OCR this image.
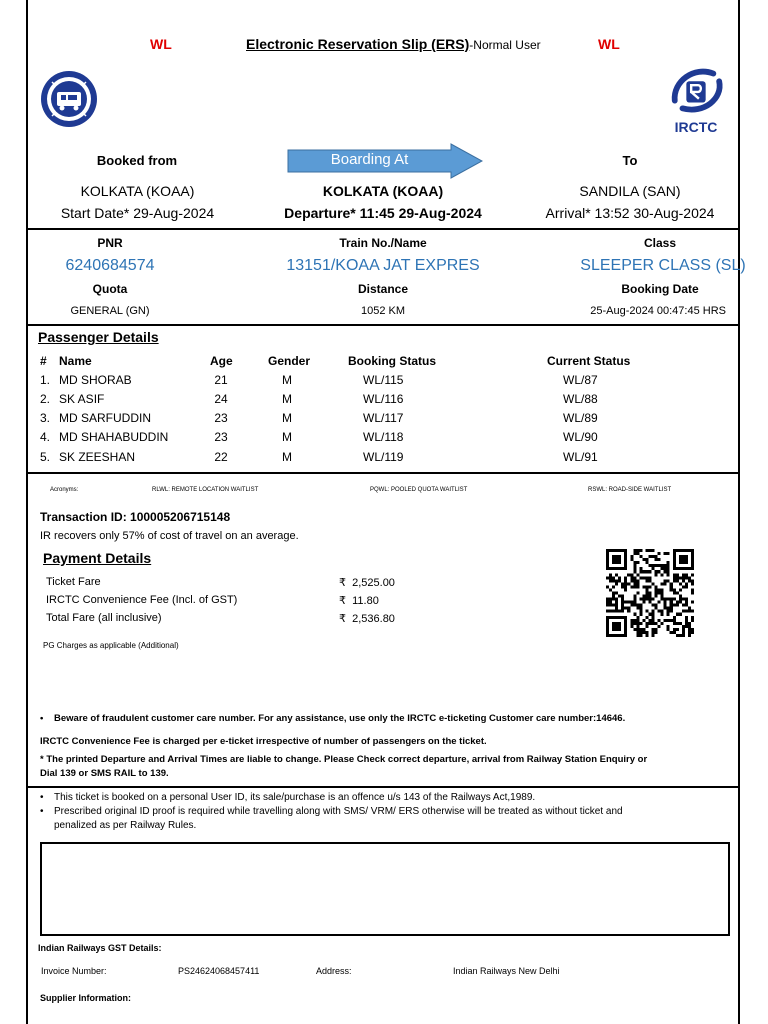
WL	Electronic Reservation Slip (ERS)-Normal User	WL
IRCTC
Booked from	Boarding At	To
KOLKATA (KOAA)	KOLKATA (KOAA)	SANDILA (SAN)
Start Date* 29-Aug-2024	Departure* 11:45 29-Aug-2024	Arrival* 13:52 30-Aug-2024
PNR	Train No./Name	Class
6240684574	13151/KOAA JAT EXPRES	SLEEPER CLASS (SL)
Quota	Distance	Booking Date
GENERAL (GN)	1052 KM	25-Aug-2024 00:47:45 HRS
Passenger Details
# Name	Age	Gender	Booking Status	Current Status
1. MD SHORAB	21	M	WL/115	WL/87
2. SK ASIF	24	M	WL/116	WL/88
3. MD SARFUDDIN	23	M	WL/117	WL/89
4. MD SHAHABUDDIN	23	M	WL/118	WL/90
5. SK ZEESHAN	22	M	WL/119	WL/91
Acronyms:	RLWL: REMOTE LOCATION WAITLIST	PQWL: POOLED QUOTA WAITLIST	RSWL: ROAD-SIDE WAITLIST
Transaction ID: 100005206715148
IR recovers only 57% of cost of travel on an average.
Payment Details
Ticket Fare	₹  2,525.00
IRCTC Convenience Fee (Incl. of GST)	₹  11.80
Total Fare (all inclusive)	₹  2,536.80
PG Charges as applicable (Additional)
• Beware of fraudulent customer care number. For any assistance, use only the IRCTC e-ticketing Customer care number:14646.
IRCTC Convenience Fee is charged per e-ticket irrespective of number of passengers on the ticket.
* The printed Departure and Arrival Times are liable to change. Please Check correct departure, arrival from Railway Station Enquiry or
Dial 139 or SMS RAIL to 139.
• This ticket is booked on a personal User ID, its sale/purchase is an offence u/s 143 of the Railways Act,1989.
• Prescribed original ID proof is required while travelling along with SMS/ VRM/ ERS otherwise will be treated as without ticket and
penalized as per Railway Rules.
Indian Railways GST Details:
Invoice Number:	PS24624068457411	Address:	Indian Railways New Delhi
Supplier Information:
